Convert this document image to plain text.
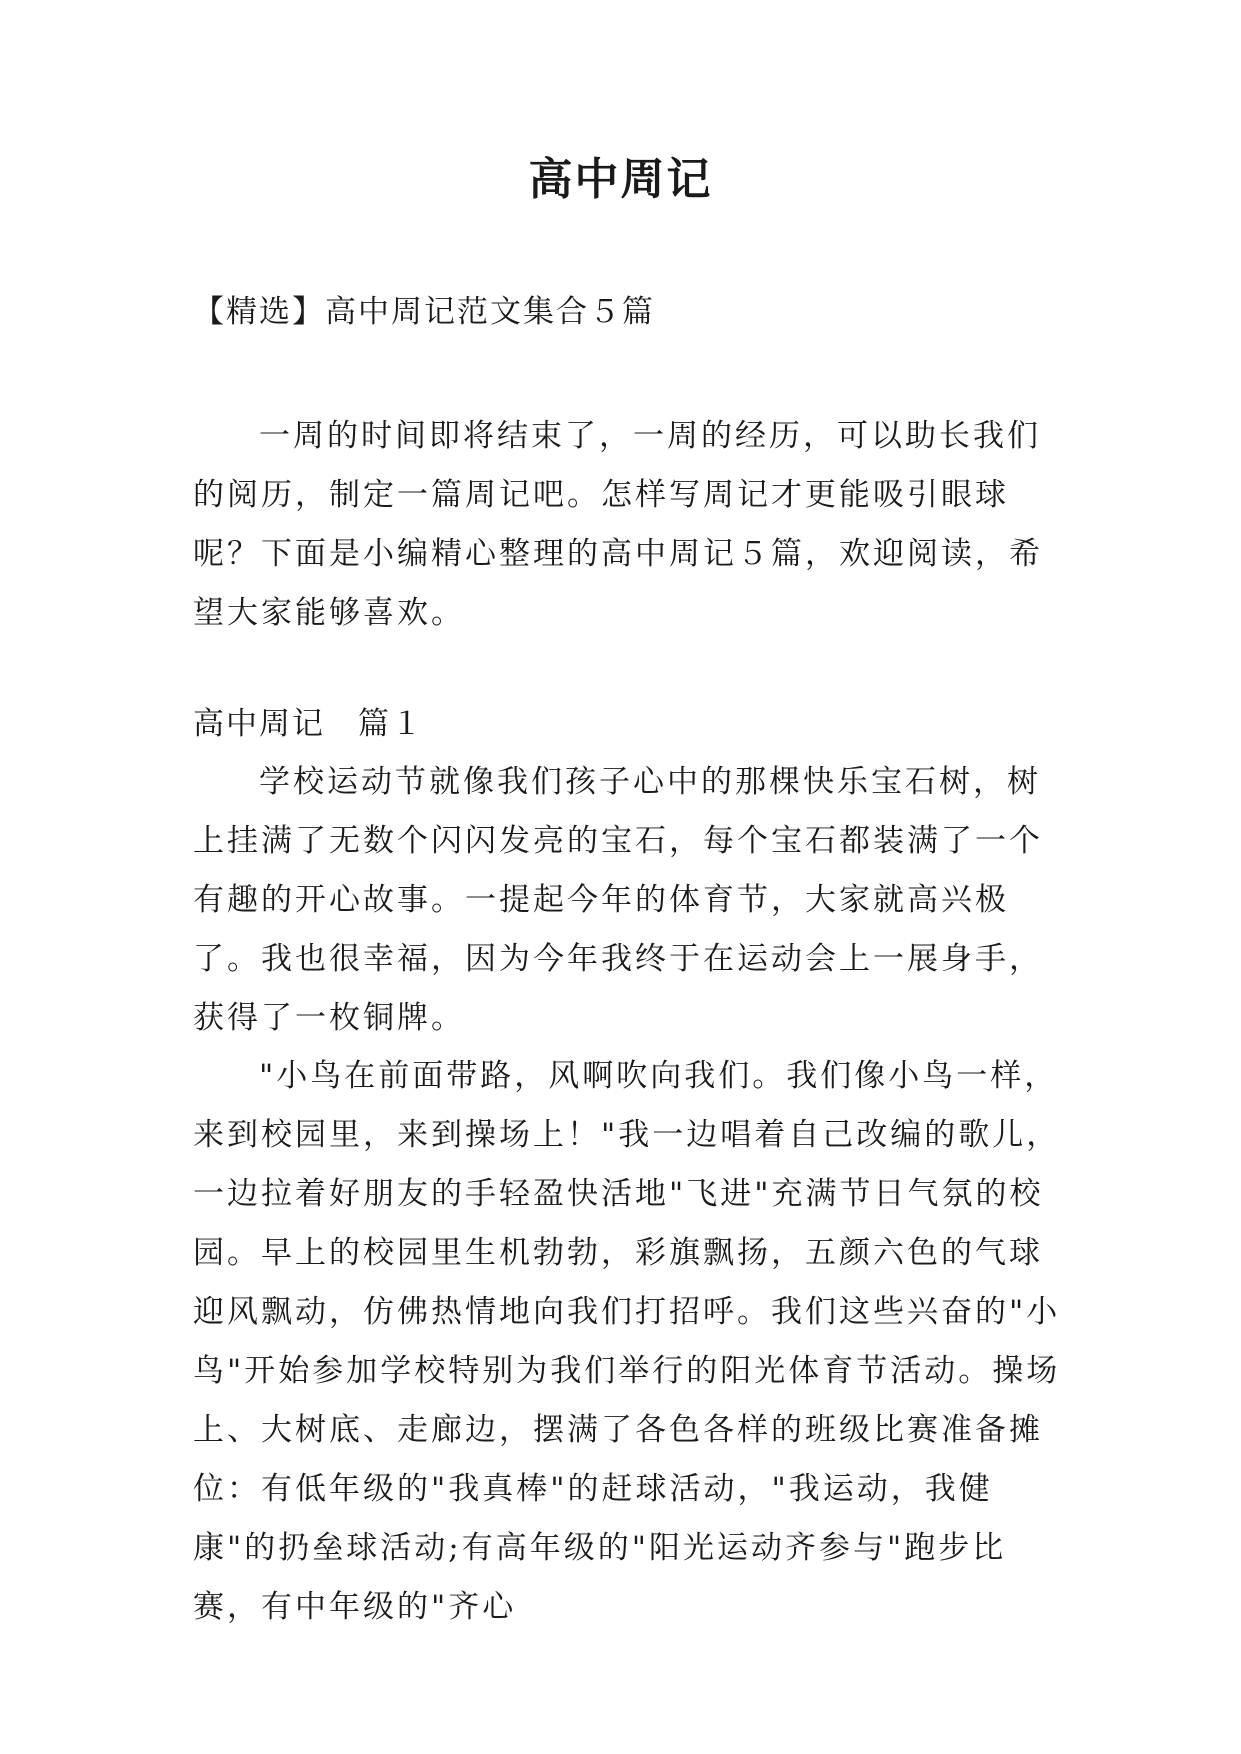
高中周记

【精选】高中周记范文集合５篇

一周的时间即将结束了，一周的经历，可以助长我们的阅历，制定一篇周记吧。怎样写周记才更能吸引眼球呢？下面是小编精心整理的高中周记５篇，欢迎阅读，希望大家能够喜欢。

高中周记　篇１

学校运动节就像我们孩子心中的那棵快乐宝石树，树上挂满了无数个闪闪发亮的宝石，每个宝石都装满了一个有趣的开心故事。一提起今年的体育节，大家就高兴极了。我也很幸福，因为今年我终于在运动会上一展身手，获得了一枚铜牌。

"小鸟在前面带路，风啊吹向我们。我们像小鸟一样，来到校园里，来到操场上！"我一边唱着自己改编的歌儿，一边拉着好朋友的手轻盈快活地"飞进"充满节日气氛的校园。早上的校园里生机勃勃，彩旗飘扬，五颜六色的气球迎风飘动，仿佛热情地向我们打招呼。我们这些兴奋的"小鸟"开始参加学校特别为我们举行的阳光体育节活动。操场上、大树底、走廊边，摆满了各色各样的班级比赛准备摊位：有低年级的"我真棒"的赶球活动，"我运动，我健康"的扔垒球活动;有高年级的"阳光运动齐参与"跑步比赛，有中年级的"齐心
